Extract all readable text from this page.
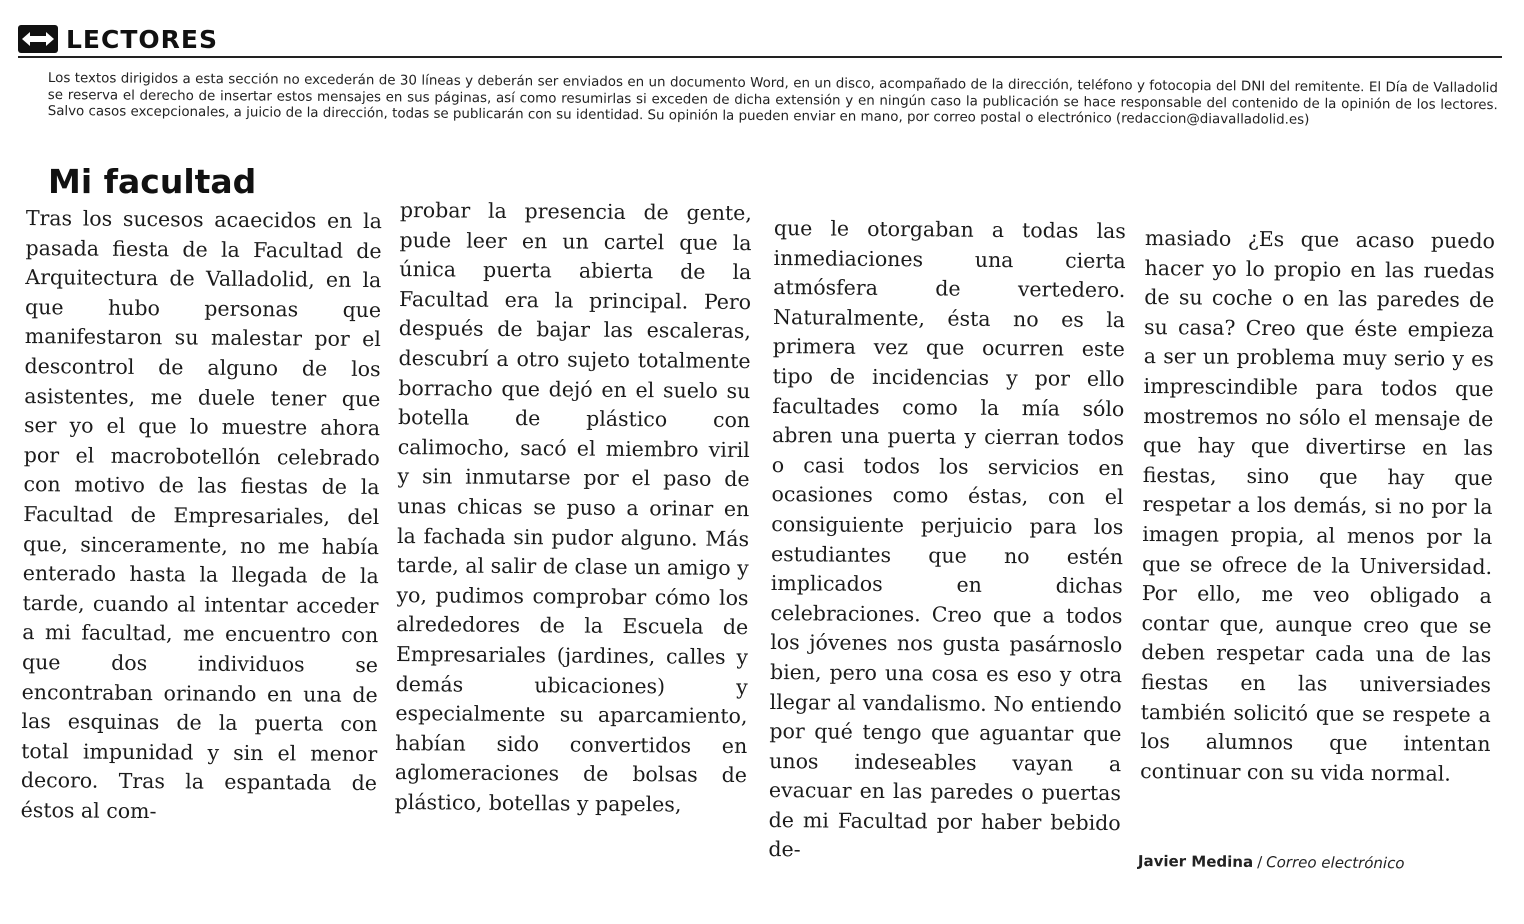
LECTORES

Los textos dirigidos a esta sección no excederán de 30 líneas y deberán ser enviados en un documento Word, en un disco, acompañado de la dirección, teléfono y fotocopia del DNI del remitente. El Día de Valladolid se reserva el derecho de insertar estos mensajes en sus páginas, así como resumirlas si exceden de dicha extensión y en ningún caso la publicación se hace responsable del contenido de la opinión de los lectores. Salvo casos excepcionales, a juicio de la dirección, todas se publicarán con su identidad. Su opinión la pueden enviar en mano, por correo postal o electrónico (redaccion@diavalladolid.es)

Mi facultad
Tras los sucesos acaecidos en la pasada fiesta de la Facultad de Arquitectura de Valladolid, en la que hubo personas que manifestaron su malestar por el descontrol de alguno de los asistentes, me duele tener que ser yo el que lo muestre ahora por el macrobotellón celebrado con motivo de las fiestas de la Facultad de Empresariales, del que, sinceramente, no me había enterado hasta la llegada de la tarde, cuando al intentar acceder a mi facultad, me encuentro con que dos individuos se encontraban orinando en una de las esquinas de la puerta con total impunidad y sin el menor decoro. Tras la espantada de éstos al com-
probar la presencia de gente, pude leer en un cartel que la única puerta abierta de la Facultad era la principal. Pero después de bajar las escaleras, descubrí a otro sujeto totalmente borracho que dejó en el suelo su botella de plástico con calimocho, sacó el miembro viril y sin inmutarse por el paso de unas chicas se puso a orinar en la fachada sin pudor alguno. Más tarde, al salir de clase un amigo y yo, pudimos comprobar cómo los alrededores de la Escuela de Empresariales (jardines, calles y demás ubicaciones) y especialmente su aparcamiento, habían sido convertidos en aglomeraciones de bolsas de plástico, botellas y papeles,
que le otorgaban a todas las inmediaciones una cierta atmósfera de vertedero. Naturalmente, ésta no es la primera vez que ocurren este tipo de incidencias y por ello facultades como la mía sólo abren una puerta y cierran todos o casi todos los servicios en ocasiones como éstas, con el consiguiente perjuicio para los estudiantes que no estén implicados en dichas celebraciones. Creo que a todos los jóvenes nos gusta pasárnoslo bien, pero una cosa es eso y otra llegar al vandalismo. No entiendo por qué tengo que aguantar que unos indeseables vayan a evacuar en las paredes o puertas de mi Facultad por haber bebido de-
masiado ¿Es que acaso puedo hacer yo lo propio en las ruedas de su coche o en las paredes de su casa? Creo que éste empieza a ser un problema muy serio y es imprescindible para todos que mostremos no sólo el mensaje de que hay que divertirse en las fiestas, sino que hay que respetar a los demás, si no por la imagen propia, al menos por la que se ofrece de la Universidad. Por ello, me veo obligado a contar que, aunque creo que se deben respetar cada una de las fiestas en las universiades también solicitó que se respete a los alumnos que intentan continuar con su vida normal.
Javier Medina / Correo electrónico
